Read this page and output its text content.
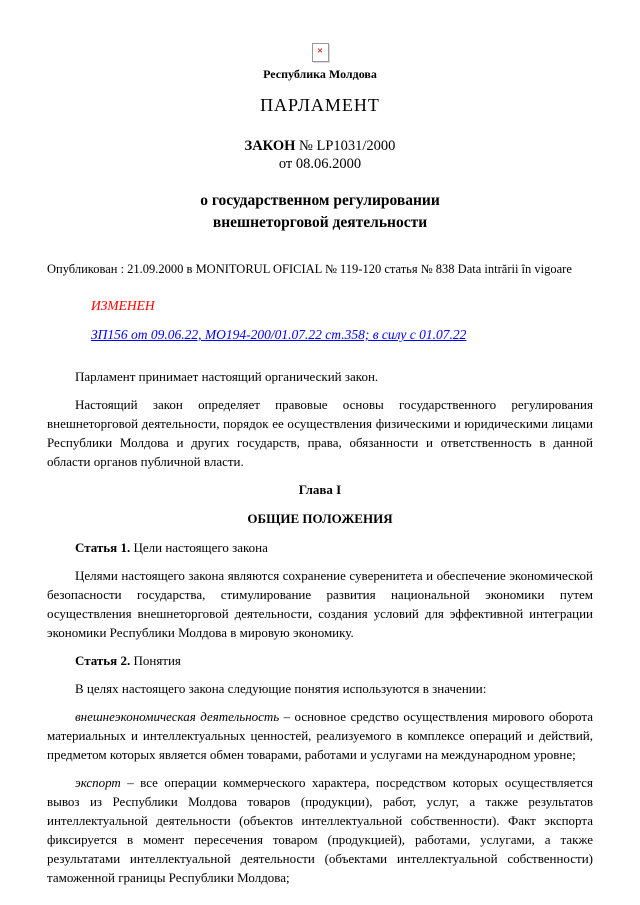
×
Республика Молдова
ПАРЛАМЕНТ
ЗАКОН № LP1031/2000
от 08.06.2000
о государственном регулировании
внешнеторговой деятельности

Опубликован : 21.09.2000 в MONITORUL OFICIAL № 119-120 статья № 838 Data intrării în vigoare

ИЗМЕНЕН

ЗП156 от 09.06.22, МО194-200/01.07.22 ст.358; в силу с 01.07.22

Парламент принимает настоящий органический закон.

Настоящий закон определяет правовые основы государственного регулирования внешнеторговой деятельности, порядок ее осуществления физическими и юридическими лицами Республики Молдова и других государств, права, обязанности и ответственность в данной области органов публичной власти.

Глава I

ОБЩИЕ ПОЛОЖЕНИЯ

Статья 1. Цели настоящего закона

Целями настоящего закона являются сохранение суверенитета и обеспечение экономической безопасности государства, стимулирование развития национальной экономики путем осуществления внешнеторговой деятельности, создания условий для эффективной интеграции экономики Республики Молдова в мировую экономику.

Статья 2. Понятия

В целях настоящего закона следующие понятия используются в значении:

внешнеэкономическая деятельность – основное средство осуществления мирового оборота материальных и интеллектуальных ценностей, реализуемого в комплексе операций и действий, предметом которых является обмен товарами, работами и услугами на международном уровне;

экспорт – все операции коммерческого характера, посредством которых осуществляется вывоз из Республики Молдова товаров (продукции), работ, услуг, а также результатов интеллектуальной деятельности (объектов интеллектуальной собственности). Факт экспорта фиксируется в момент пересечения товаром (продукцией), работами, услугами, а также результатами интеллектуальной деятельности (объектами интеллектуальной собственности) таможенной границы Республики Молдова;
